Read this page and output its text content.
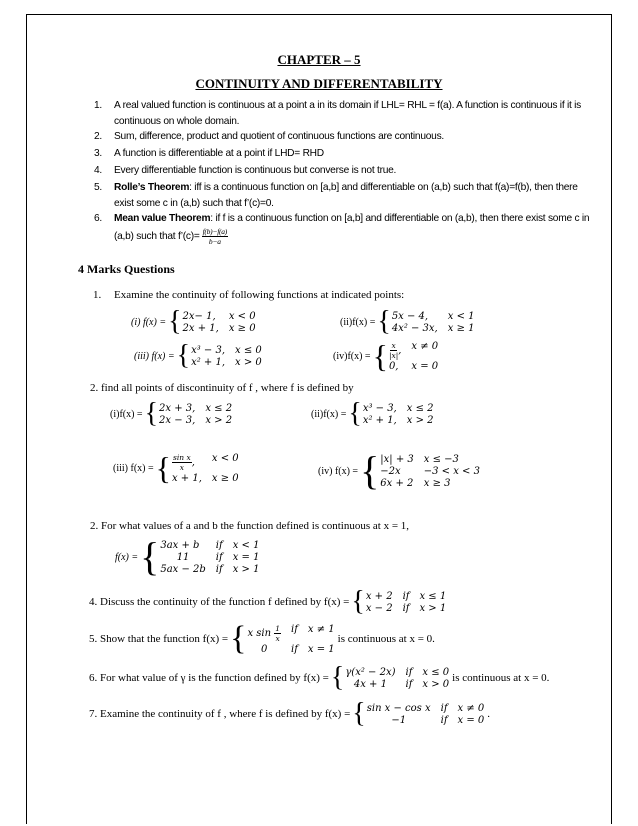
CHAPTER – 5
CONTINUITY AND DIFFERENTABILITY
1. A real valued function is continuous at a point a in its domain if LHL= RHL = f(a). A function is continuous if it is continuous on whole domain.
2. Sum, difference, product and quotient of continuous functions are continuous.
3. A function is differentiable at a point if LHD= RHD
4. Every differentiable function is continuous but converse is not true.
5. Rolle’s Theorem: iff is a continuous function on [a,b] and differentiable on (a,b) such that f(a)=f(b), then there exist some c in (a,b) such that f’(c)=0.
6. Mean value Theorem: if f is a continuous function on [a,b] and differentiable on (a,b), then there exist some c in (a,b) such that f’(c)= $\frac{f(b)-f(a)}{b-a}$
4 Marks Questions
1. Examine the continuity of following functions at indicated points:
(i) f(x) = { 2x− 1,	x < 0
2x + 1, x ≥ 0
(ii)f(x) = { 5x − 4,	x < 1
4x² − 3x, x ≥ 1
(iii) f(x) = { x³ − 3, x ≤ 0
x² + 1, x > 0
(iv)f(x) = { $\frac{x}{|x|}$ , x ≠ 0
0, x = 0
2. find all points of discontinuity of f , where f is defined by
(i)f(x) = { 2x + 3, x ≤ 2
2x − 3, x > 2
(ii)f(x) = { x³ − 3, x ≤ 2
x² + 1, x > 2
(iii) f(x) = { $\frac{\text{sin x}}{x}$ ,	x < 0
x + 1, x ≥ 0
(iv) f(x) = { |x| + 3 x ≤ −3
−2x	−3 < x < 3
6x + 2 x ≥ 3
2. For what values of a and b the function defined is continuous at x = 1,
f(x) = { 3ax + b	if x < 1
11	if x = 1
5ax − 2b if x > 1
4. Discuss the continuity of the function f defined by f(x) = { x + 2 if x ≤ 1
x − 2 if x > 1
5. Show that the function f(x) = { x $\sin \frac{1}{x}$ if x ≠ 1
0	if x = 1
is continuous at x = 0.
6. For what value of γ is the function defined by f(x) = { γ(x² − 2x) if x ≤ 0
4x + 1	if x > 0 is continuous at x = 0.
7. Examine the continuity of f , where f is defined by f(x) = { sin x − cos x if x ≠ 0
−1	if x = 0 .
